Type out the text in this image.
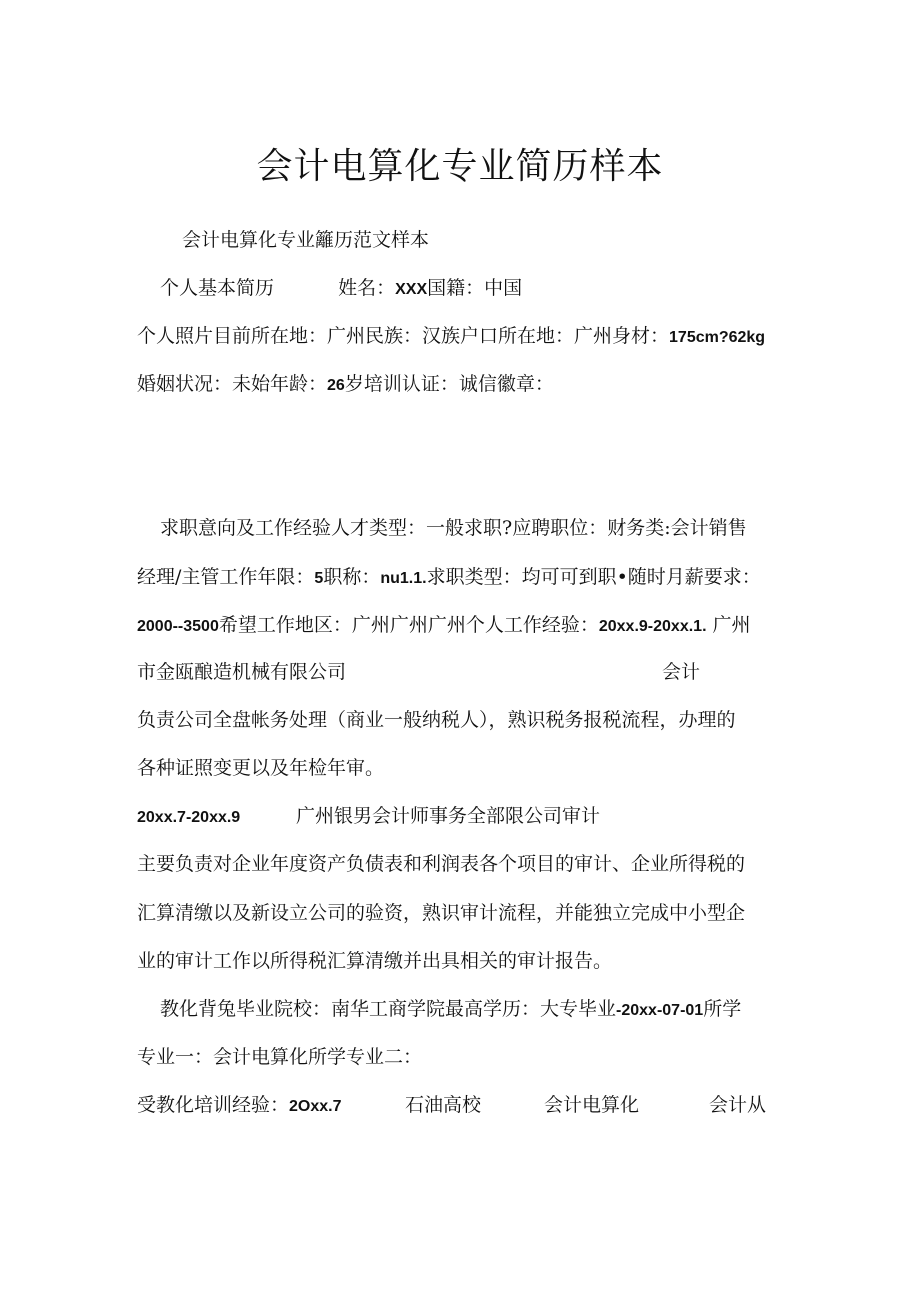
会计电算化专业简历样本
会计电算化专业籬历范文样本
个人基本简历	姓名：XXX国籍：中国
个人照片目前所在地：广州民族：汉族户口所在地：广州身材：175cm?62kg
婚姻状况：未始年龄：26岁培训认证：诚信徽章：
求职意向及工作经验人才类型：一般求职?应聘职位：财务类:会计销售
经理/主管工作年限：5职称：nu1.1.求职类型：均可可到职•随时月薪要求：
2000--3500希望工作地区：广州广州广州个人工作经验：20xx.9-20xx.1. 广州
市金瓯酿造机械有限公司	会计
负责公司全盘帐务处理（商业一般纳税人），熟识税务报税流程，办理的
各种证照变更以及年检年审。
20xx.7-20xx.9	广州银男会计师事务全部限公司审计
主要负责对企业年度资产负债表和利润表各个项目的审计、企业所得税的
汇算清缴以及新设立公司的验资，熟识审计流程，并能独立完成中小型企
业的审计工作以所得税汇算清缴并出具相关的审计报告。
教化背兔毕业院校：南华工商学院最高学历：大专毕业-20xx-07-01所学
专业一：会计电算化所学专业二：
受教化培训经验：2Oxx.7	石油高校	会计电算化	会计从
